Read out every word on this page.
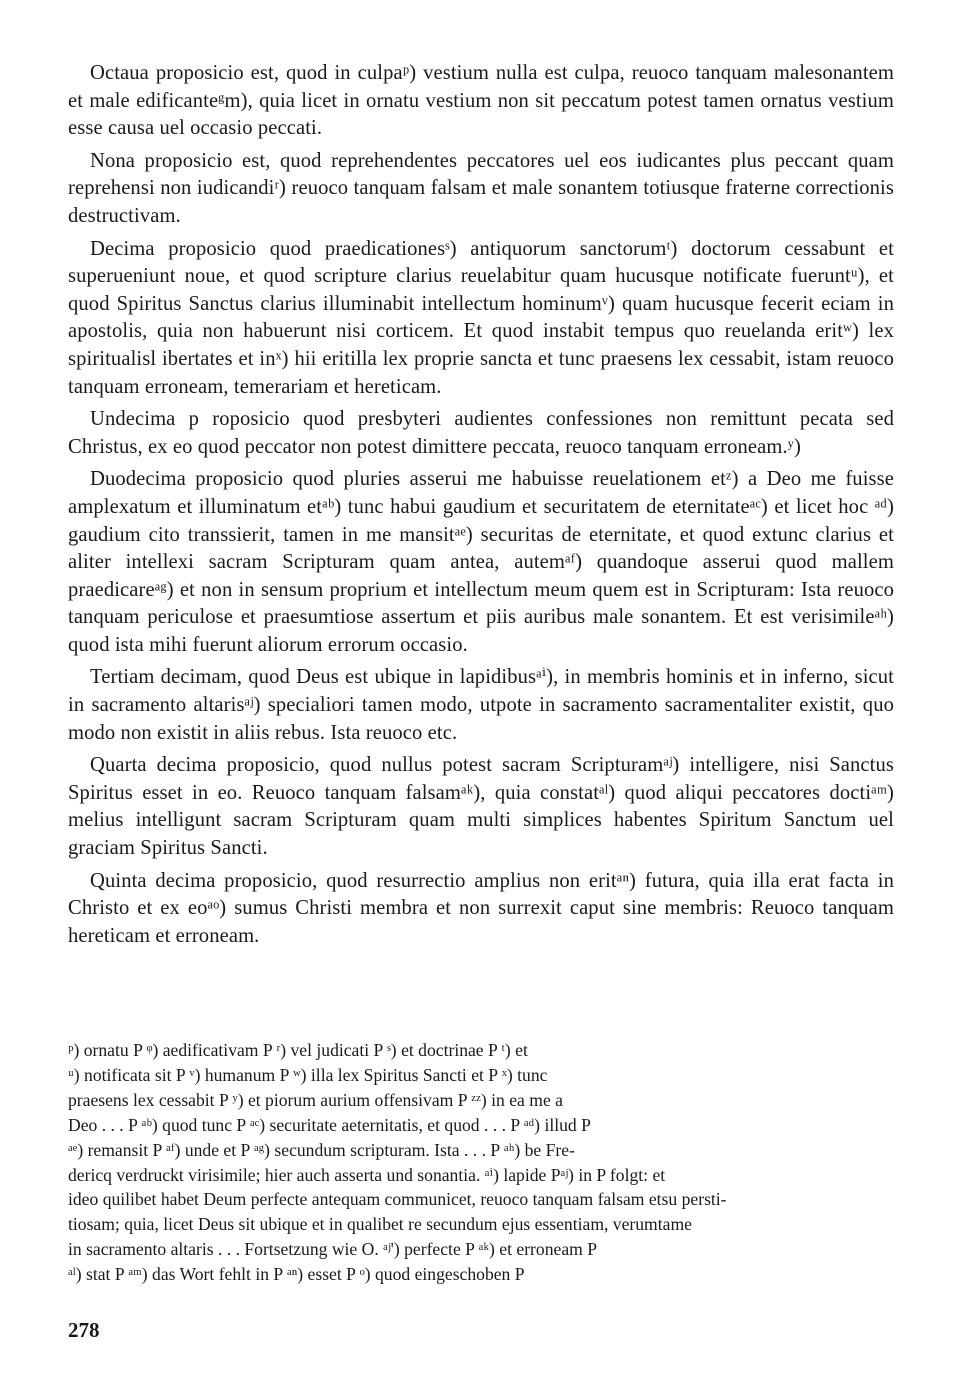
Octaua proposicio est, quod in culpaᵖ) vestium nulla est culpa, reuoco tanquam malesonantem et male edificanteᵍm), quia licet in ornatu vestium non sit peccatum potest tamen ornatus vestium esse causa uel occasio peccati.

Nona proposicio est, quod reprehendentes peccatores uel eos iudicantes plus peccant quam reprehensi non iudicandiʳ) reuoco tanquam falsam et male sonantem totiusque fraterne correctionis destructivam.

Decima proposicio quod praedicationesˢ) antiquorum sanctorumᵗ) doctorum cessabunt et superueniunt noue, et quod scripture clarius reuelabitur quam hucusque notificate fueruntᵘ), et quod Spiritus Sanctus clarius illuminabit intellectum hominumᵛ) quam hucusque fecerit eciam in apostolis, quia non habuerunt nisi corticem. Et quod instabit tempus quo reuelanda eritʷ) lex spiritualisl ibertates et inˣ) hii eritilla lex proprie sancta et tunc praesens lex cessabit, istam reuoco tanquam erroneam, temerariam et hereticam.

Undecima p roposicio quod presbyteri audientes confessiones non remittunt pecata sed Christus, ex eo quod peccator non potest dimittere peccata, reuoco tanquam erroneam.ʸ)

Duodecima proposicio quod pluries asserui me habuisse reuelationem etᶻ) a Deo me fuisse amplexatum et illuminatum etᵃᵇ) tunc habui gaudium et securitatem de eternitateᵃᶜ) et licet hoc ᵃᵈ) gaudium cito transsierit, tamen in me mansitᵃᵉ) securitas de eternitate, et quod extunc clarius et aliter intellexi sacram Scripturam quam antea, autemᵃᶠ) quandoque asserui quod mallem praedicareᵃᵍ) et non in sensum proprium et intellectum meum quem est in Scripturam: Ista reuoco tanquam periculose et praesumtiose assertum et piis auribus male sonantem. Et est verisimileᵃʰ) quod ista mihi fuerunt aliorum errorum occasio.

Tertiam decimam, quod Deus est ubique in lapidibusᵃⁱ), in membris hominis et in inferno, sicut in sacramento altarisᵃʲ) specialiori tamen modo, utpote in sacramento sacramentaliter existit, quo modo non existit in aliis rebus. Ista reuoco etc.

Quarta decima proposicio, quod nullus potest sacram Scripturamᵃʲ) intelligere, nisi Sanctus Spiritus esset in eo. Reuoco tanquam falsamᵃᵏ), quia constatᵃˡ) quod aliqui peccatores doctiᵃᵐ) melius intelligunt sacram Scripturam quam multi simplices habentes Spiritum Sanctum uel graciam Spiritus Sancti.

Quinta decima proposicio, quod resurrectio amplius non eritᵃⁿ) futura, quia illa erat facta in Christo et ex eoᵃᵒ) sumus Christi membra et non surrexit caput sine membris: Reuoco tanquam hereticam et erroneam.

ᵖ) ornatu P ᵠ) aedificativam P ʳ) vel judicati P ˢ) et doctrinae P ᵗ) et

ᵘ) notificata sit P ᵛ) humanum P ʷ) illa lex Spiritus Sancti et P ˣ) tunc

praesens lex cessabit P ʸ) et piorum aurium offensivam P ᶻᶻ) in ea me a

Deo . . . P ᵃᵇ) quod tunc P ᵃᶜ) securitate aeternitatis, et quod . . . P ᵃᵈ) illud P

ᵃᵉ) remansit P ᵃᶠ) unde et P ᵃᵍ) secundum scripturam. Ista . . . P ᵃʰ) be Fre-

dericq verdruckt virisimile; hier auch asserta und sonantia. ᵃⁱ) lapide Pᵃʲ) in P folgt: et

ideo quilibet habet Deum perfecte antequam communicet, reuoco tanquam falsam etsu persti-

tiosam; quia, licet Deus sit ubique et in qualibet re secundum ejus essentiam, verumtame

in sacramento altaris . . . Fortsetzung wie O. ᵃʲ') perfecte P ᵃᵏ) et erroneam P

ᵃˡ) stat P ᵃᵐ) das Wort fehlt in P ᵃⁿ) esset P ᵒ) quod eingeschoben P

278
